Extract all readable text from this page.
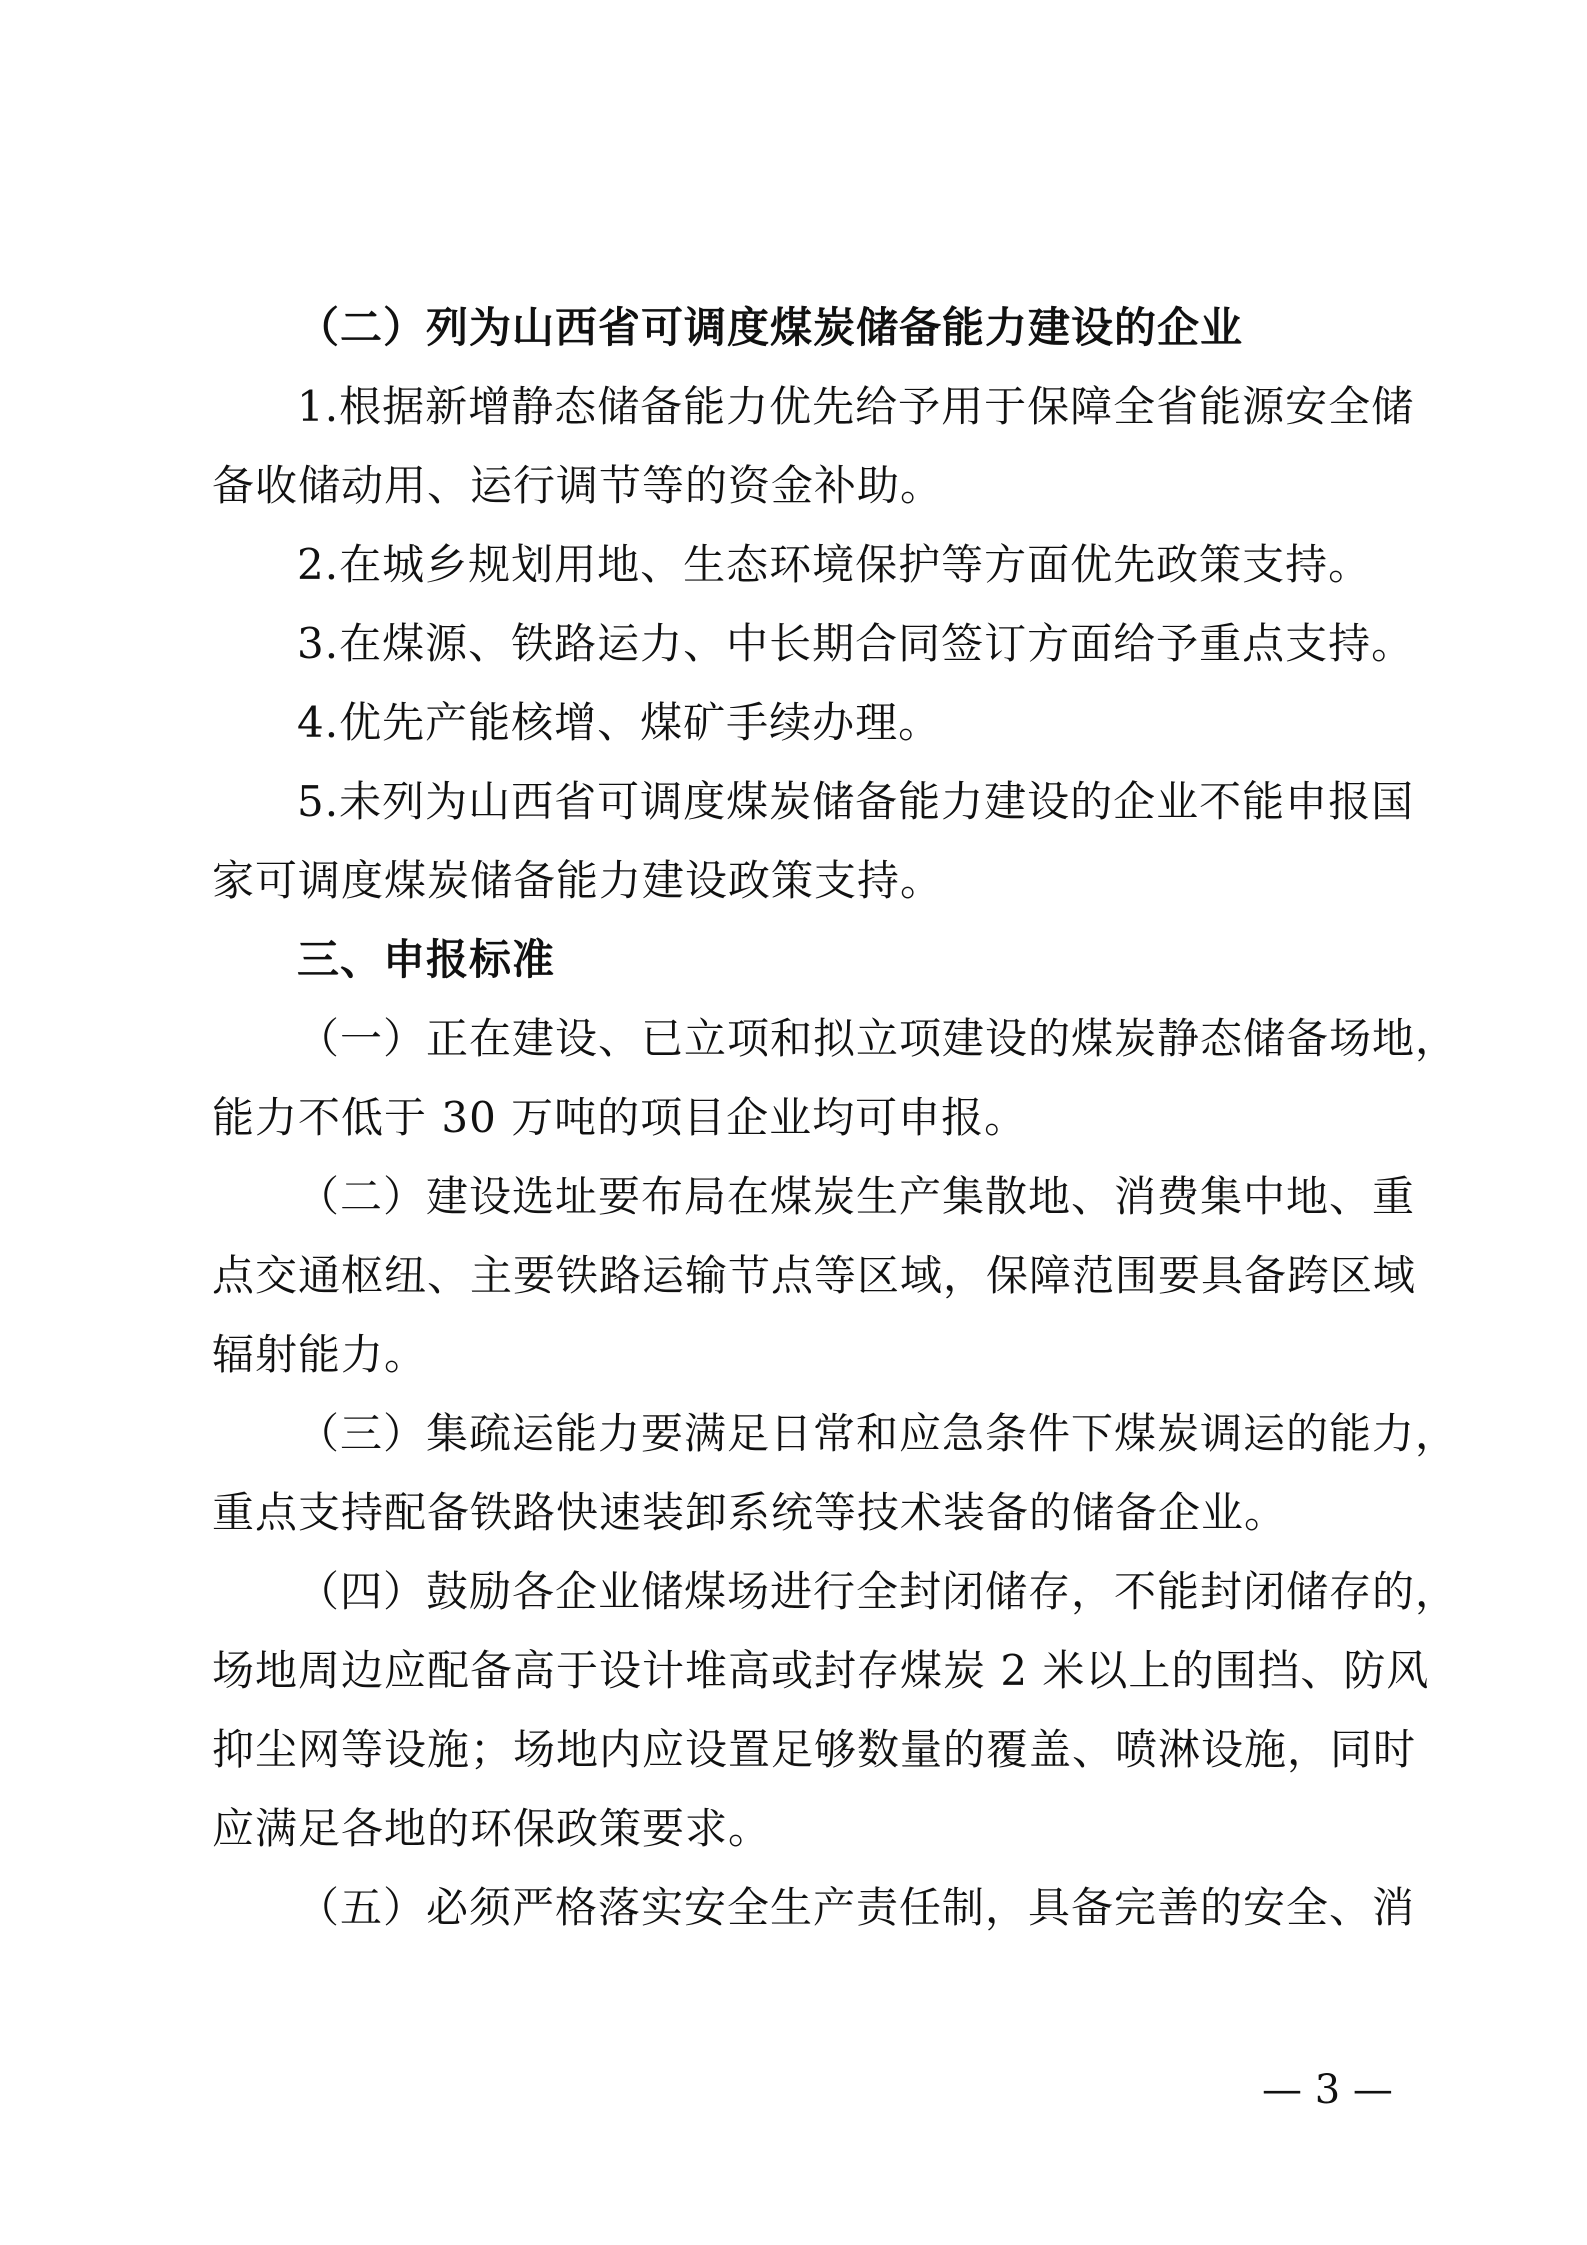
（二）列为山西省可调度煤炭储备能力建设的企业
1.根据新增静态储备能力优先给予用于保障全省能源安全储
备收储动用、运行调节等的资金补助。
2.在城乡规划用地、生态环境保护等方面优先政策支持。
3.在煤源、铁路运力、中长期合同签订方面给予重点支持。
4.优先产能核增、煤矿手续办理。
5.未列为山西省可调度煤炭储备能力建设的企业不能申报国
家可调度煤炭储备能力建设政策支持。
三、申报标准
（一）正在建设、已立项和拟立项建设的煤炭静态储备场地，
能力不低于 30 万吨的项目企业均可申报。
（二）建设选址要布局在煤炭生产集散地、消费集中地、重
点交通枢纽、主要铁路运输节点等区域，保障范围要具备跨区域
辐射能力。
（三）集疏运能力要满足日常和应急条件下煤炭调运的能力，
重点支持配备铁路快速装卸系统等技术装备的储备企业。
（四）鼓励各企业储煤场进行全封闭储存，不能封闭储存的，
场地周边应配备高于设计堆高或封存煤炭 2 米以上的围挡、防风
抑尘网等设施；场地内应设置足够数量的覆盖、喷淋设施，同时
应满足各地的环保政策要求。
（五）必须严格落实安全生产责任制，具备完善的安全、消
— 3 —
